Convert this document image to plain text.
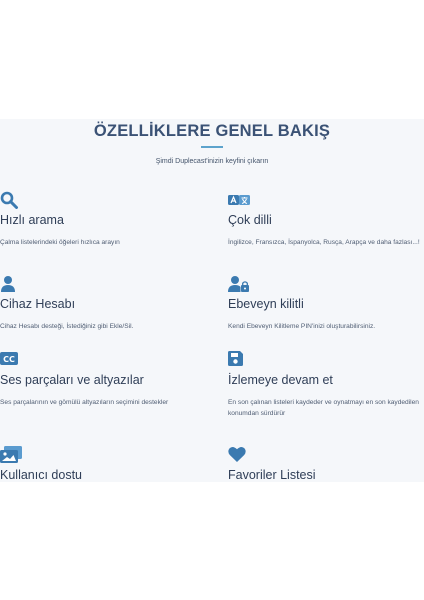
ÖZELLİKLERE GENEL BAKIŞ
Şimdi Duplecast'inizin keyfini çıkarın
Hızlı arama
Çalma listelerindeki öğeleri hızlıca arayın
Çok dilli
İngilizce, Fransızca, İspanyolca, Rusça, Arapça ve daha fazlası...!
Cihaz Hesabı
Cihaz Hesabı desteği, İstediğiniz gibi Ekle/Sil.
Ebeveyn kilitli
Kendi Ebeveyn Kilitleme PIN'inizi oluşturabilirsiniz.
CC
Ses parçaları ve altyazılar
Ses parçalarının ve gömülü altyazıların seçimini destekler
İzlemeye devam et
En son çalınan listeleri kaydeder ve oynatmayı en son kaydedilen konumdan sürdürür
Kullanıcı dostu	Favoriler Listesi
